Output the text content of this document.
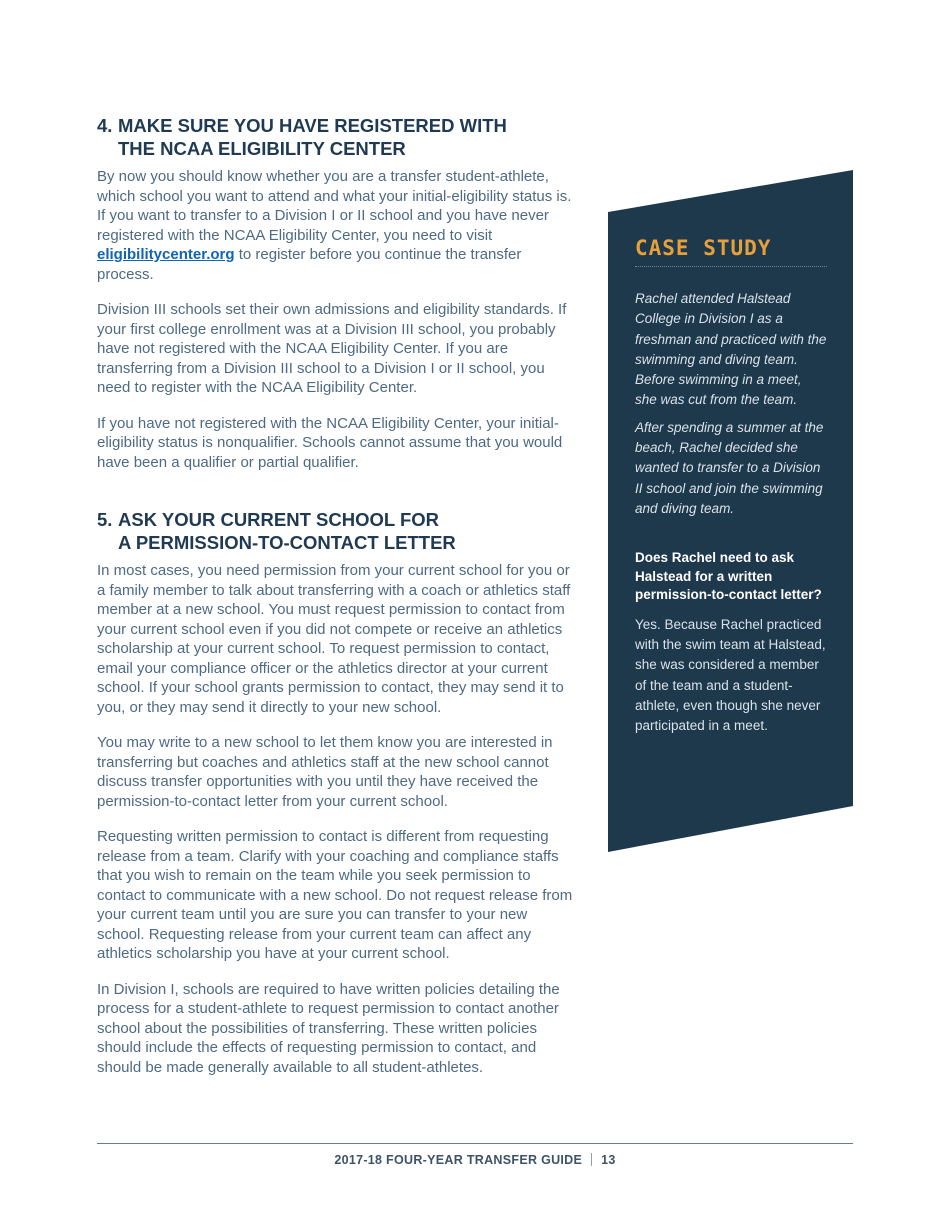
4. MAKE SURE YOU HAVE REGISTERED WITH
THE NCAA ELIGIBILITY CENTER

By now you should know whether you are a transfer student-athlete, which school you want to attend and what your initial-eligibility status is. If you want to transfer to a Division I or II school and you have never registered with the NCAA Eligibility Center, you need to visit eligibilitycenter.org to register before you continue the transfer process.

Division III schools set their own admissions and eligibility standards. If your first college enrollment was at a Division III school, you probably have not registered with the NCAA Eligibility Center. If you are transferring from a Division III school to a Division I or II school, you need to register with the NCAA Eligibility Center.

If you have not registered with the NCAA Eligibility Center, your initial-eligibility status is nonqualifier. Schools cannot assume that you would have been a qualifier or partial qualifier.

5. ASK YOUR CURRENT SCHOOL FOR
A PERMISSION-TO-CONTACT LETTER

In most cases, you need permission from your current school for you or a family member to talk about transferring with a coach or athletics staff member at a new school. You must request permission to contact from your current school even if you did not compete or receive an athletics scholarship at your current school. To request permission to contact, email your compliance officer or the athletics director at your current school. If your school grants permission to contact, they may send it to you, or they may send it directly to your new school.

You may write to a new school to let them know you are interested in transferring but coaches and athletics staff at the new school cannot discuss transfer opportunities with you until they have received the permission-to-contact letter from your current school.

Requesting written permission to contact is different from requesting release from a team. Clarify with your coaching and compliance staffs that you wish to remain on the team while you seek permission to contact to communicate with a new school. Do not request release from your current team until you are sure you can transfer to your new school. Requesting release from your current team can affect any athletics scholarship you have at your current school.

In Division I, schools are required to have written policies detailing the process for a student-athlete to request permission to contact another school about the possibilities of transferring. These written policies should include the effects of requesting permission to contact, and should be made generally available to all student-athletes.

CASE STUDY

Rachel attended Halstead College in Division I as a freshman and practiced with the swimming and diving team. Before swimming in a meet, she was cut from the team.

After spending a summer at the beach, Rachel decided she wanted to transfer to a Division II school and join the swimming and diving team.

Does Rachel need to ask Halstead for a written permission-to-contact letter?

Yes. Because Rachel practiced with the swim team at Halstead, she was considered a member of the team and a student-athlete, even though she never participated in a meet.

2017-18 FOUR-YEAR TRANSFER GUIDE 13
